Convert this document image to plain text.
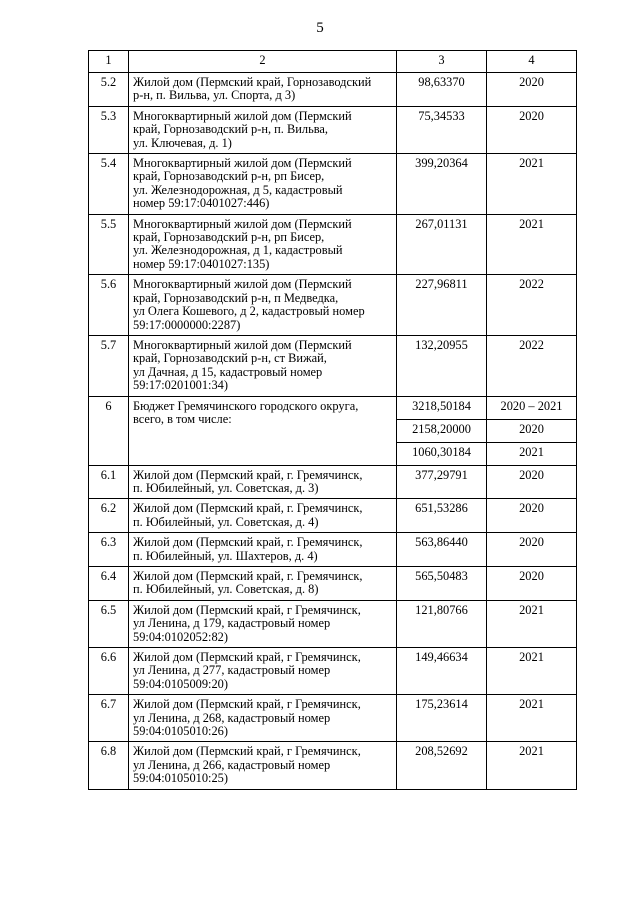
5
1	2	3	4
5.2	Жилой дом (Пермский край, Горнозаводский
р-н, п. Вильва, ул. Спорта, д 3)	98,63370	2020
5.3	Многоквартирный жилой дом (Пермский
край, Горнозаводский р-н, п. Вильва,
ул. Ключевая, д. 1)	75,34533	2020
5.4	Многоквартирный жилой дом (Пермский
край, Горнозаводский р-н, рп Бисер,
ул. Железнодорожная, д 5, кадастровый
номер 59:17:0401027:446)	399,20364	2021
5.5	Многоквартирный жилой дом (Пермский
край, Горнозаводский р-н, рп Бисер,
ул. Железнодорожная, д 1, кадастровый
номер 59:17:0401027:135)	267,01131	2021
5.6	Многоквартирный жилой дом (Пермский
край, Горнозаводский р-н, п Медведка,
ул Олега Кошевого, д 2, кадастровый номер
59:17:0000000:2287)	227,96811	2022
5.7	Многоквартирный жилой дом (Пермский
край, Горнозаводский р-н, ст Вижай,
ул Дачная, д 15, кадастровый номер
59:17:0201001:34)	132,20955	2022
6	Бюджет Гремячинского городского округа,
всего, в том числе:	3218,50184	2020 – 2021
		2158,20000	2020
		1060,30184	2021
6.1	Жилой дом (Пермский край, г. Гремячинск,
п. Юбилейный, ул. Советская, д. 3)	377,29791	2020
6.2	Жилой дом (Пермский край, г. Гремячинск,
п. Юбилейный, ул. Советская, д. 4)	651,53286	2020
6.3	Жилой дом (Пермский край, г. Гремячинск,
п. Юбилейный, ул. Шахтеров, д. 4)	563,86440	2020
6.4	Жилой дом (Пермский край, г. Гремячинск,
п. Юбилейный, ул. Советская, д. 8)	565,50483	2020
6.5	Жилой дом (Пермский край, г Гремячинск,
ул Ленина, д 179, кадастровый номер
59:04:0102052:82)	121,80766	2021
6.6	Жилой дом (Пермский край, г Гремячинск,
ул Ленина, д 277, кадастровый номер
59:04:0105009:20)	149,46634	2021
6.7	Жилой дом (Пермский край, г Гремячинск,
ул Ленина, д 268, кадастровый номер
59:04:0105010:26)	175,23614	2021
6.8	Жилой дом (Пермский край, г Гремячинск,
ул Ленина, д 266, кадастровый номер
59:04:0105010:25)	208,52692	2021
